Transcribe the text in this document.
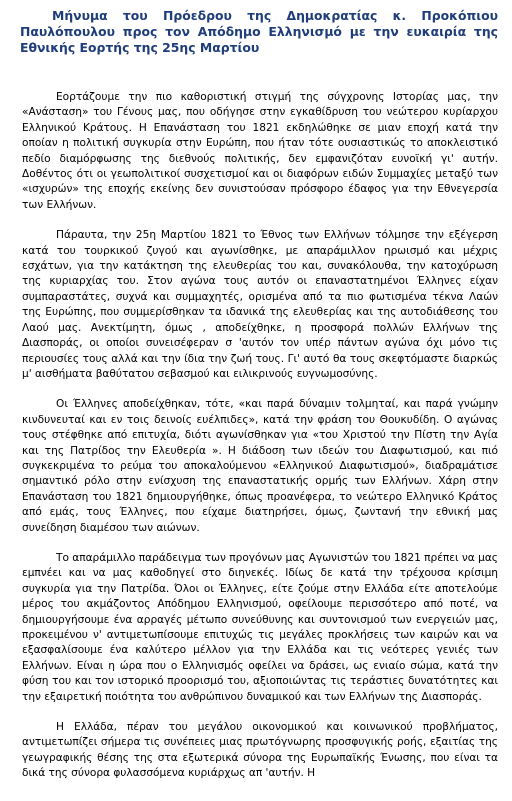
Μήνυμα του Πρόεδρου της Δημοκρατίας κ. Προκόπιου Παυλόπουλου προς τον Απόδημο Ελληνισμό με την ευκαιρία της Εθνικής Εορτής της 25ης Μαρτίου

Εορτάζουμε την πιο καθοριστική στιγμή της σύγχρονης Ιστορίας μας, την «Ανάσταση» του Γένους μας, που οδήγησε στην εγκαθίδρυση του νεώτερου κυρίαρχου Ελληνικού Κράτους. Η Επανάσταση του 1821 εκδηλώθηκε σε μιαν εποχή κατά την οποίαν η πολιτική συγκυρία στην Ευρώπη, που ήταν τότε ουσιαστικώς το αποκλειστικό πεδίο διαμόρφωσης της διεθνούς πολιτικής, δεν εμφανιζόταν ευνοϊκή γι' αυτήν. Δοθέντος ότι οι γεωπολιτικοί συσχετισμοί και οι διαφόρων ειδών Συμμαχίες μεταξύ των «ισχυρών» της εποχής εκείνης δεν συνιστούσαν πρόσφορο έδαφος για την Εθνεγερσία των Ελλήνων.

Πάραυτα, την 25η Μαρτίου 1821 το Έθνος των Ελλήνων τόλμησε την εξέγερση κατά του τουρκικού ζυγού και αγωνίσθηκε, με απαράμιλλον ηρωισμό και μέχρις εσχάτων, για την κατάκτηση της ελευθερίας του και, συνακόλουθα, την κατοχύρωση της κυριαρχίας του. Στον αγώνα τους αυτόν οι επαναστατημένοι Έλληνες είχαν συμπαραστάτες, συχνά και συμμαχητές, ορισμένα από τα πιο φωτισμένα τέκνα Λαών της Ευρώπης, που συμμερίσθηκαν τα ιδανικά της ελευθερίας και της αυτοδιάθεσης του Λαού μας. Ανεκτίμητη, όμως , αποδείχθηκε, η προσφορά πολλών Ελλήνων της Διασποράς, οι οποίοι συνεισέφεραν σ 'αυτόν τον υπέρ πάντων αγώνα όχι μόνο τις περιουσίες τους αλλά και την ίδια την ζωή τους. Γι' αυτό θα τους σκεφτόμαστε διαρκώς μ' αισθήματα βαθύτατου σεβασμού και ειλικρινούς ευγνωμοσύνης.

Οι Έλληνες αποδείχθηκαν, τότε, «και παρά δύναμιν τολμηταί, και παρά γνώμην κινδυνευταί και εν τοις δεινοίς ευέλπιδες», κατά την φράση του Θουκυδίδη. Ο αγώνας τους στέφθηκε από επιτυχία, διότι αγωνίσθηκαν για «του Χριστού την Πίστη την Αγία και της Πατρίδος την Ελευθερία ». Η διάδοση των ιδεών του Διαφωτισμού, και πιό συγκεκριμένα το ρεύμα του αποκαλούμενου «Ελληνικού Διαφωτισμού», διαδραμάτισε σημαντικό ρόλο στην ενίσχυση της επαναστατικής ορμής των Ελλήνων. Χάρη στην Επανάσταση του 1821 δημιουργήθηκε, όπως προανέφερα, το νεώτερο Ελληνικό Κράτος από εμάς, τους Έλληνες, που είχαμε διατηρήσει, όμως, ζωντανή την εθνική μας συνείδηση διαμέσου των αιώνων.

Το απαράμιλλο παράδειγμα των προγόνων μας Αγωνιστών του 1821 πρέπει να μας εμπνέει και να μας καθοδηγεί στο διηνεκές. Ιδίως δε κατά την τρέχουσα κρίσιμη συγκυρία για την Πατρίδα. Όλοι οι Έλληνες, είτε ζούμε στην Ελλάδα είτε αποτελούμε μέρος του ακμάζοντος Απόδημου Ελληνισμού, οφείλουμε περισσότερο από ποτέ, να δημιουργήσουμε ένα αρραγές μέτωπο συνεύθυνης και συντονισμού των ενεργειών μας, προκειμένου ν' αντιμετωπίσουμε επιτυχώς τις μεγάλες προκλήσεις των καιρών και να εξασφαλίσουμε ένα καλύτερο μέλλον για την Ελλάδα και τις νεότερες γενιές των Ελλήνων. Είναι η ώρα που ο Ελληνισμός οφείλει να δράσει, ως ενιαίο σώμα, κατά την φύση του και τον ιστορικό προορισμό του, αξιοποιώντας τις τεράστιες δυνατότητες και την εξαιρετική ποιότητα του ανθρώπινου δυναμικού και των Ελλήνων της Διασποράς.

Η Ελλάδα, πέραν του μεγάλου οικονομικού και κοινωνικού προβλήματος, αντιμετωπίζει σήμερα τις συνέπειες μιας πρωτόγνωρης προσφυγικής ροής, εξαιτίας της γεωγραφικής θέσης της στα εξωτερικά σύνορα της Ευρωπαϊκής Ένωσης, που είναι τα δικά της σύνορα φυλασσόμενα κυριάρχως απ 'αυτήν. Η
